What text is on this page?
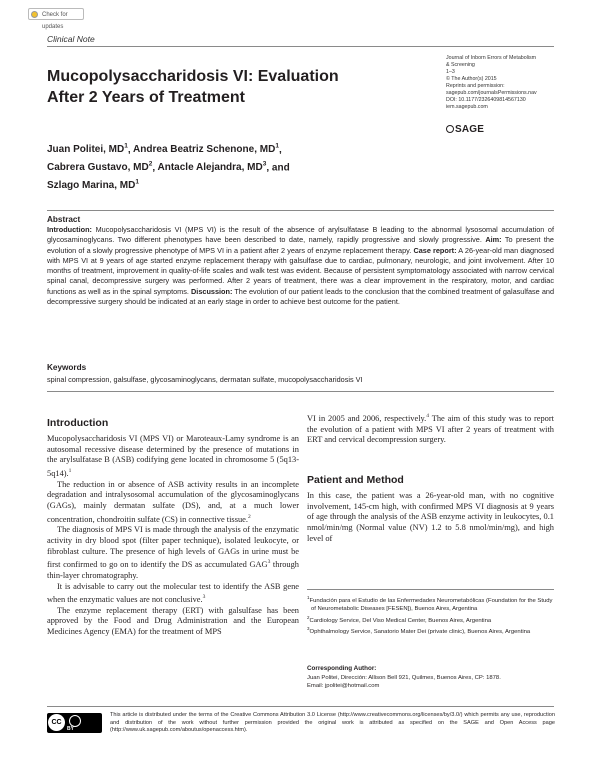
Check for updates
Clinical Note
Mucopolysaccharidosis VI: Evaluation After 2 Years of Treatment
Juan Politei, $MD^1$, Andrea Beatriz Schenone, $MD^1$,
Cabrera Gustavo, $MD^2$, Antacle Alejandra, $MD^3$, and
Szlago Marina, $MD^1$
Journal of Inborn Errors of Metabolism
& Screening
1–3
© The Author(s) 2015
Reprints and permission:
sagepub.com/journalsPermissions.nav
DOI: 10.1177/2326409814567130
iem.sagepub.com
SAGE
Abstract
Introduction: Mucopolysaccharidosis VI (MPS VI) is the result of the absence of arylsulfatase B leading to the abnormal lysosomal accumulation of glycosaminoglycans. Two different phenotypes have been described to date, namely, rapidly progressive and slowly progressive. Aim: To present the evolution of a slowly progressive phenotype of MPS VI in a patient after 2 years of enzyme replacement therapy. Case report: A 26-year-old man diagnosed with MPS VI at 9 years of age started enzyme replacement therapy with galsulfase due to cardiac, pulmonary, neurologic, and joint involvement. After 10 months of treatment, improvement in quality-of-life scales and walk test was evident. Because of persistent symptomatology associated with narrow cervical spinal canal, decompressive surgery was performed. After 2 years of treatment, there was a clear improvement in the respiratory, motor, and cardiac functions as well as in the spinal symptoms. Discussion: The evolution of our patient leads to the conclusion that the combined treatment of galasulfase and decompressive surgery should be indicated at an early stage in order to achieve best outcome for the patient.
Keywords
spinal compression, galsulfase, glycosaminoglycans, dermatan sulfate, mucopolysaccharidosis VI
Introduction

Mucopolysaccharidosis VI (MPS VI) or Maroteaux-Lamy syndrome is an autosomal recessive disease determined by the presence of mutations in the arylsulfatase B (ASB) codifying gene located in chromosome 5 (5q13-5q14).$^1$

The reduction in or absence of ASB activity results in an incomplete degradation and intralysosomal accumulation of the glycosaminoglycans (GAGs), mainly dermatan sulfate (DS), and, at a much lower concentration, chondroitin sulfate (CS) in connective tissue.$^2$

The diagnosis of MPS VI is made through the analysis of the enzymatic activity in dry blood spot (filter paper technique), isolated leukocyte, or fibroblast culture. The presence of high levels of GAGs in urine must be first confirmed to go on to identify the DS as accumulated GAG$^3$ through thin-layer chromatography.

It is advisable to carry out the molecular test to identify the ASB gene when the enzymatic values are not conclusive.$^3$

The enzyme replacement therapy (ERT) with galsulfase has been approved by the Food and Drug Administration and the European Medicines Agency (EMA) for the treatment of MPS

VI in 2005 and 2006, respectively.$^4$ The aim of this study was to report the evolution of a patient with MPS VI after 2 years of treatment with ERT and cervical decompression surgery.

Patient and Method

In this case, the patient was a 26-year-old man, with no cognitive involvement, 145-cm high, with confirmed MPS VI diagnosis at 9 years of age through the analysis of the ASB enzyme activity in leukocytes, 0.1 nmol/min/mg (Normal value (NV) 1.2 to 5.8 nmol/min/mg), and high level of

$^1$Fundación para el Estudio de las Enfermedades Neurometabólicas (Foundation for the Study of Neurometabolic Diseases [FESEN]), Buenos Aires, Argentina

$^2$Cardiology Service, Del Viso Medical Center, Buenos Aires, Argentina

$^3$Ophthalmology Service, Sanatorio Mater Dei (private clinic), Buenos Aires, Argentina

Corresponding Author:
Juan Politei, Dirección: Allison Bell 921, Quilmes, Buenos Aires, CP: 1878.
Email: jpolitei@hotmail.com
CC
BY
This article is distributed under the terms of the Creative Commons Attribution 3.0 License (http://www.creativecommons.org/licenses/by/3.0/) which permits any use, reproduction and distribution of the work without further permission provided the original work is attributed as specified on the SAGE and Open Access page (http://www.uk.sagepub.com/aboutus/openaccess.htm).
